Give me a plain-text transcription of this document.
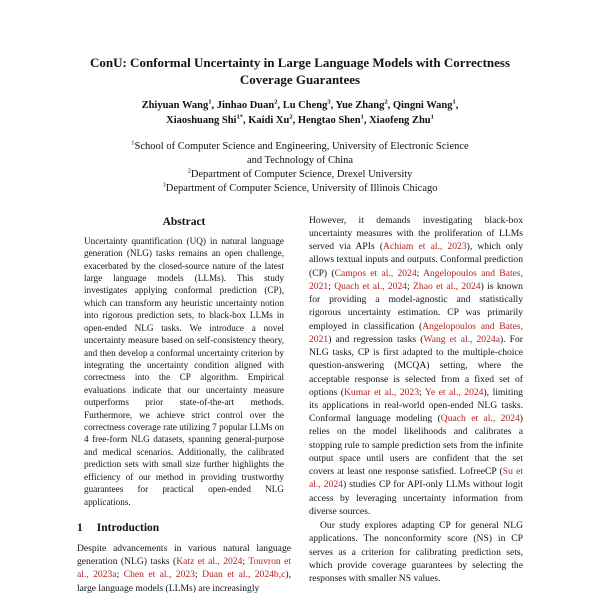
ConU: Conformal Uncertainty in Large Language Models with Correctness
Coverage Guarantees
Zhiyuan Wang$^1$, Jinhao Duan$^2$, Lu Cheng$^3$, Yue Zhang$^2$, Qingni Wang$^1$,
Xiaoshuang Shi$^{1*}$, Kaidi Xu$^2$, Hengtao Shen$^1$, Xiaofeng Zhu$^1$
$^1$School of Computer Science and Engineering, University of Electronic Science and Technology of China
$^2$Department of Computer Science, Drexel University
$^3$Department of Computer Science, University of Illinois Chicago
Abstract

Uncertainty quantification (UQ) in natural language generation (NLG) tasks remains an open challenge, exacerbated by the closed-source nature of the latest large language models (LLMs). This study investigates applying conformal prediction (CP), which can transform any heuristic uncertainty notion into rigorous prediction sets, to black-box LLMs in open-ended NLG tasks. We introduce a novel uncertainty measure based on self-consistency theory, and then develop a conformal uncertainty criterion by integrating the uncertainty condition aligned with correctness into the CP algorithm. Empirical evaluations indicate that our uncertainty measure outperforms prior state-of-the-art methods. Furthermore, we achieve strict control over the correctness coverage rate utilizing 7 popular LLMs on 4 free-form NLG datasets, spanning general-purpose and medical scenarios. Additionally, the calibrated prediction sets with small size further highlights the efficiency of our method in providing trustworthy guarantees for practical open-ended NLG applications.

1 Introduction

Despite advancements in various natural language generation (NLG) tasks (Katz et al., 2024; Touvron et al., 2023a; Chen et al., 2023; Duan et al., 2024b,c), large language models (LLMs) are increasingly

However, it demands investigating black-box uncertainty measures with the proliferation of LLMs served via APIs (Achiam et al., 2023), which only allows textual inputs and outputs. Conformal prediction (CP) (Campos et al., 2024; Angelopoulos and Bates, 2021; Quach et al., 2024; Zhao et al., 2024) is known for providing a model-agnostic and statistically rigorous uncertainty estimation. CP was primarily employed in classification (Angelopoulos and Bates, 2021) and regression tasks (Wang et al., 2024a). For NLG tasks, CP is first adapted to the multiple-choice question-answering (MCQA) setting, where the acceptable response is selected from a fixed set of options (Kumar et al., 2023; Ye et al., 2024), limiting its applications in real-world open-ended NLG tasks. Conformal language modeling (Quach et al., 2024) relies on the model likelihoods and calibrates a stopping rule to sample prediction sets from the infinite output space until users are confident that the set covers at least one response satisfied. LofreeCP (Su et al., 2024) studies CP for API-only LLMs without logit access by leveraging uncertainty information from diverse sources.

Our study explores adapting CP for general NLG applications. The nonconformity score (NS) in CP serves as a criterion for calibrating prediction sets, which provide coverage guarantees by selecting the responses with smaller NS values.
